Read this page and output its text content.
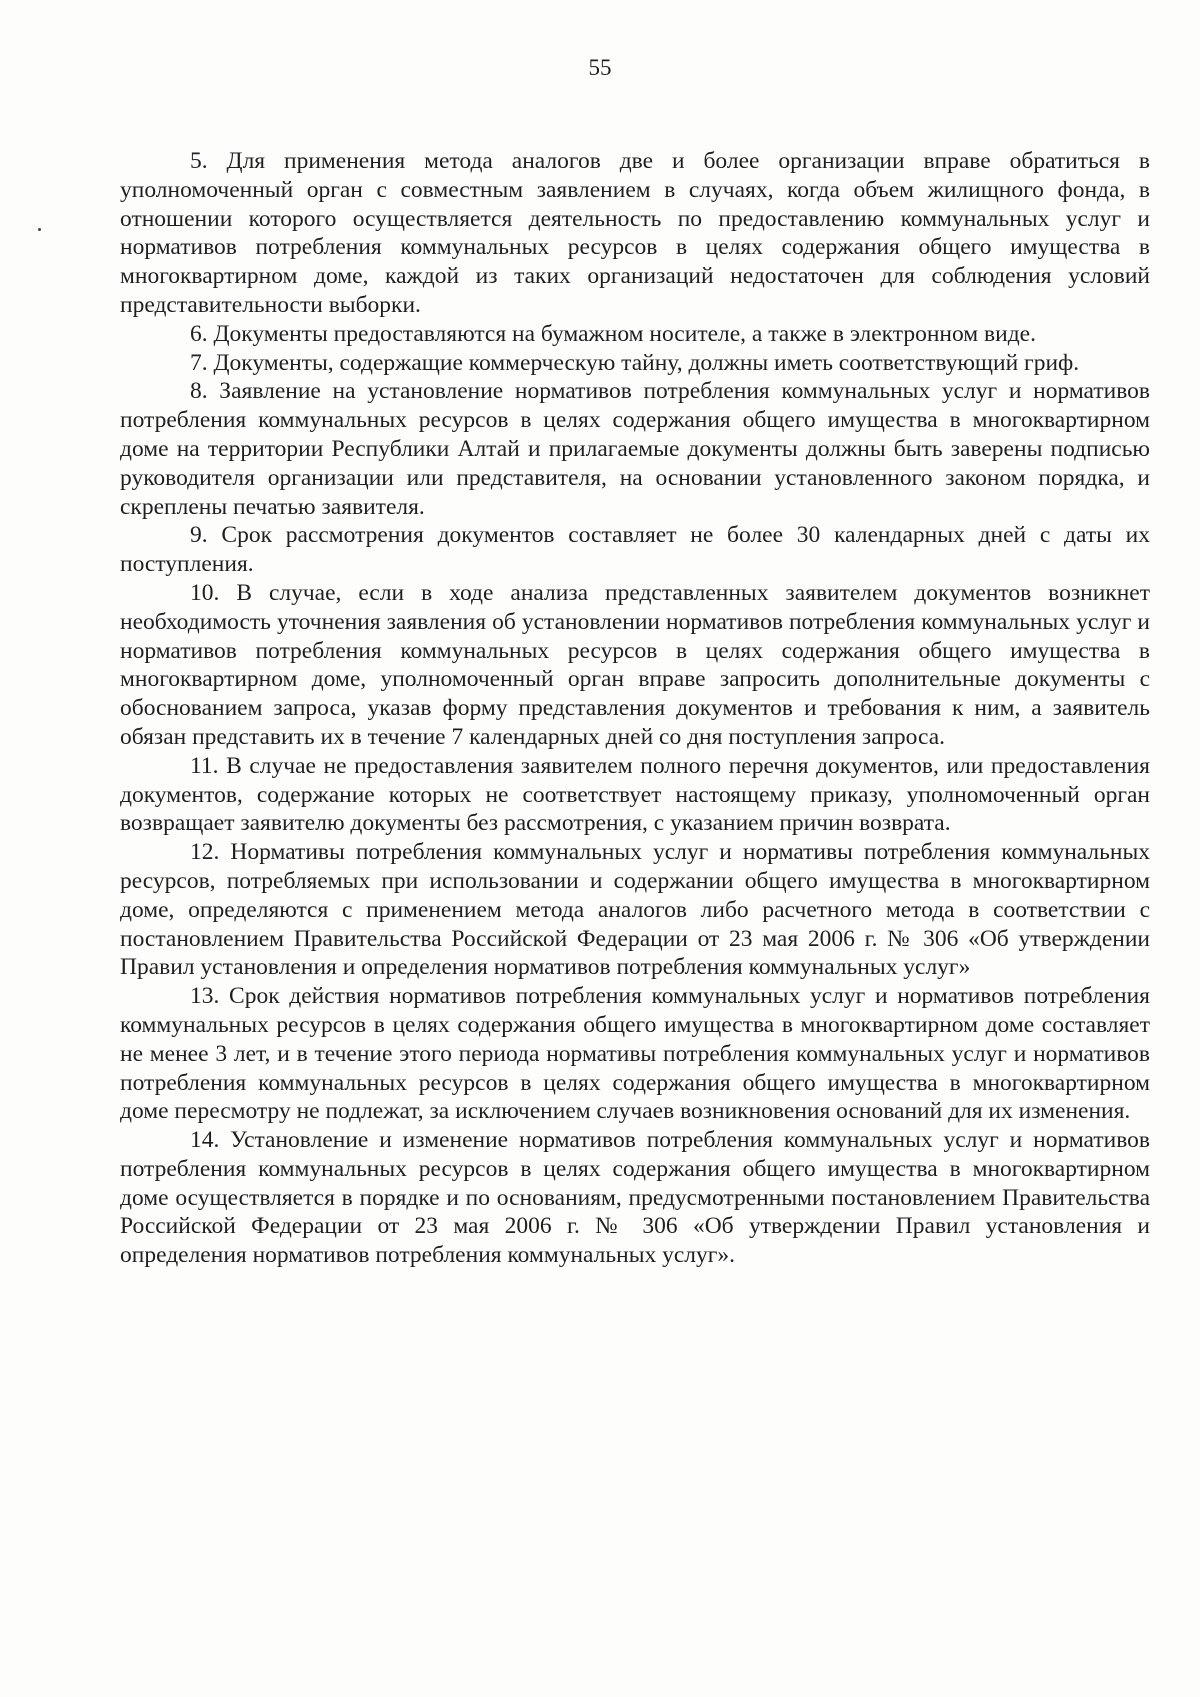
55

5. Для применения метода аналогов две и более организации вправе обратиться в уполномоченный орган с совместным заявлением в случаях, когда объем жилищного фонда, в отношении которого осуществляется деятельность по предоставлению коммунальных услуг и нормативов потребления коммунальных ресурсов в целях содержания общего имущества в многоквартирном доме, каждой из таких организаций недостаточен для соблюдения условий представительности выборки.

6. Документы предоставляются на бумажном носителе, а также в электронном виде.

7. Документы, содержащие коммерческую тайну, должны иметь соответствующий гриф.

8. Заявление на установление нормативов потребления коммунальных услуг и нормативов потребления коммунальных ресурсов в целях содержания общего имущества в многоквартирном доме на территории Республики Алтай и прилагаемые документы должны быть заверены подписью руководителя организации или представителя, на основании установленного законом порядка, и скреплены печатью заявителя.

9. Срок рассмотрения документов составляет не более 30 календарных дней с даты их поступления.

10. В случае, если в ходе анализа представленных заявителем документов возникнет необходимость уточнения заявления об установлении нормативов потребления коммунальных услуг и нормативов потребления коммунальных ресурсов в целях содержания общего имущества в многоквартирном доме, уполномоченный орган вправе запросить дополнительные документы с обоснованием запроса, указав форму представления документов и требования к ним, а заявитель обязан представить их в течение 7 календарных дней со дня поступления запроса.

11. В случае не предоставления заявителем полного перечня документов, или предоставления документов, содержание которых не соответствует настоящему приказу, уполномоченный орган возвращает заявителю документы без рассмотрения, с указанием причин возврата.

12. Нормативы потребления коммунальных услуг и нормативы потребления коммунальных ресурсов, потребляемых при использовании и содержании общего имущества в многоквартирном доме, определяются с применением метода аналогов либо расчетного метода в соответствии с постановлением Правительства Российской Федерации от 23 мая 2006 г. № 306 «Об утверждении Правил установления и определения нормативов потребления коммунальных услуг»

13. Срок действия нормативов потребления коммунальных услуг и нормативов потребления коммунальных ресурсов в целях содержания общего имущества в многоквартирном доме составляет не менее 3 лет, и в течение этого периода нормативы потребления коммунальных услуг и нормативов потребления коммунальных ресурсов в целях содержания общего имущества в многоквартирном доме пересмотру не подлежат, за исключением случаев возникновения оснований для их изменения.

14. Установление и изменение нормативов потребления коммунальных услуг и нормативов потребления коммунальных ресурсов в целях содержания общего имущества в многоквартирном доме осуществляется в порядке и по основаниям, предусмотренными постановлением Правительства Российской Федерации от 23 мая 2006 г. № 306 «Об утверждении Правил установления и определения нормативов потребления коммунальных услуг».
